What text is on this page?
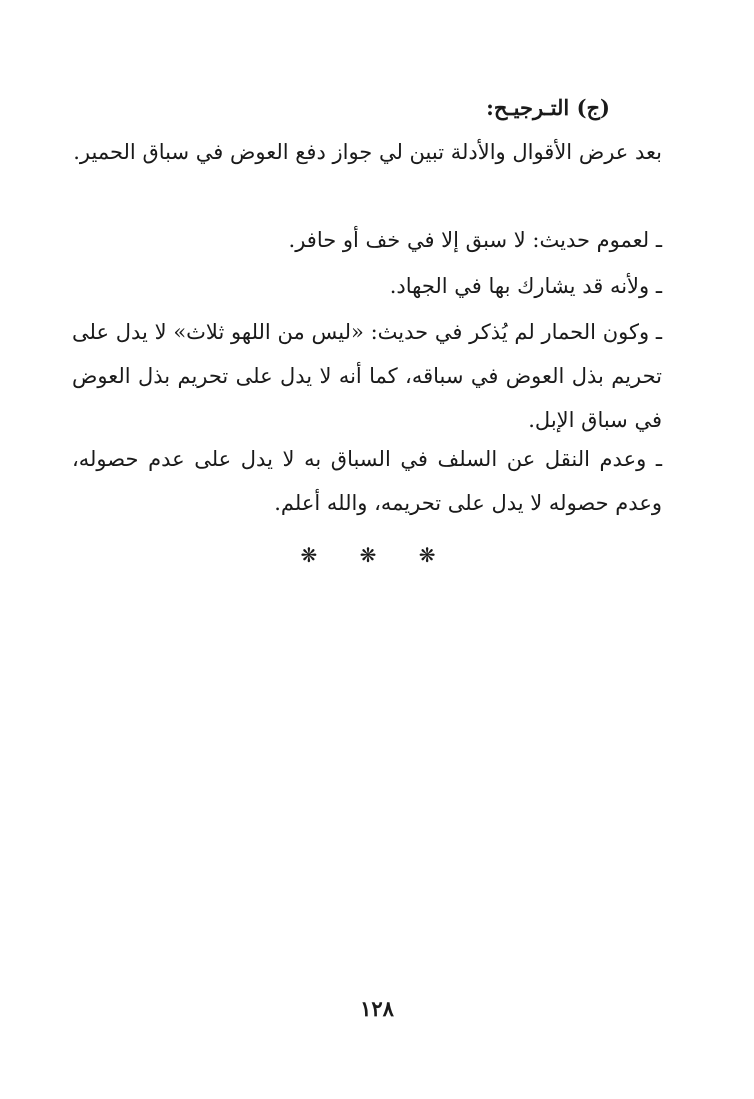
(ج) التـرجيـح:

بعد عرض الأقوال والأدلة تبين لي جواز دفع العوض في سباق الحمير.

ـ لعموم حديث: لا سبق إلا في خف أو حافر.

ـ ولأنه قد يشارك بها في الجهاد.

ـ وكون الحمار لم يُذكر في حديث: «ليس من اللهو ثلاث» لا يدل على تحريم بذل العوض في سباقه، كما أنه لا يدل على تحريم بذل العوض في سباق الإبل.

ـ وعدم النقل عن السلف في السباق به لا يدل على عدم حصوله، وعدم حصوله لا يدل على تحريمه، والله أعلم.

❋ ❋ ❋
١٢٨
